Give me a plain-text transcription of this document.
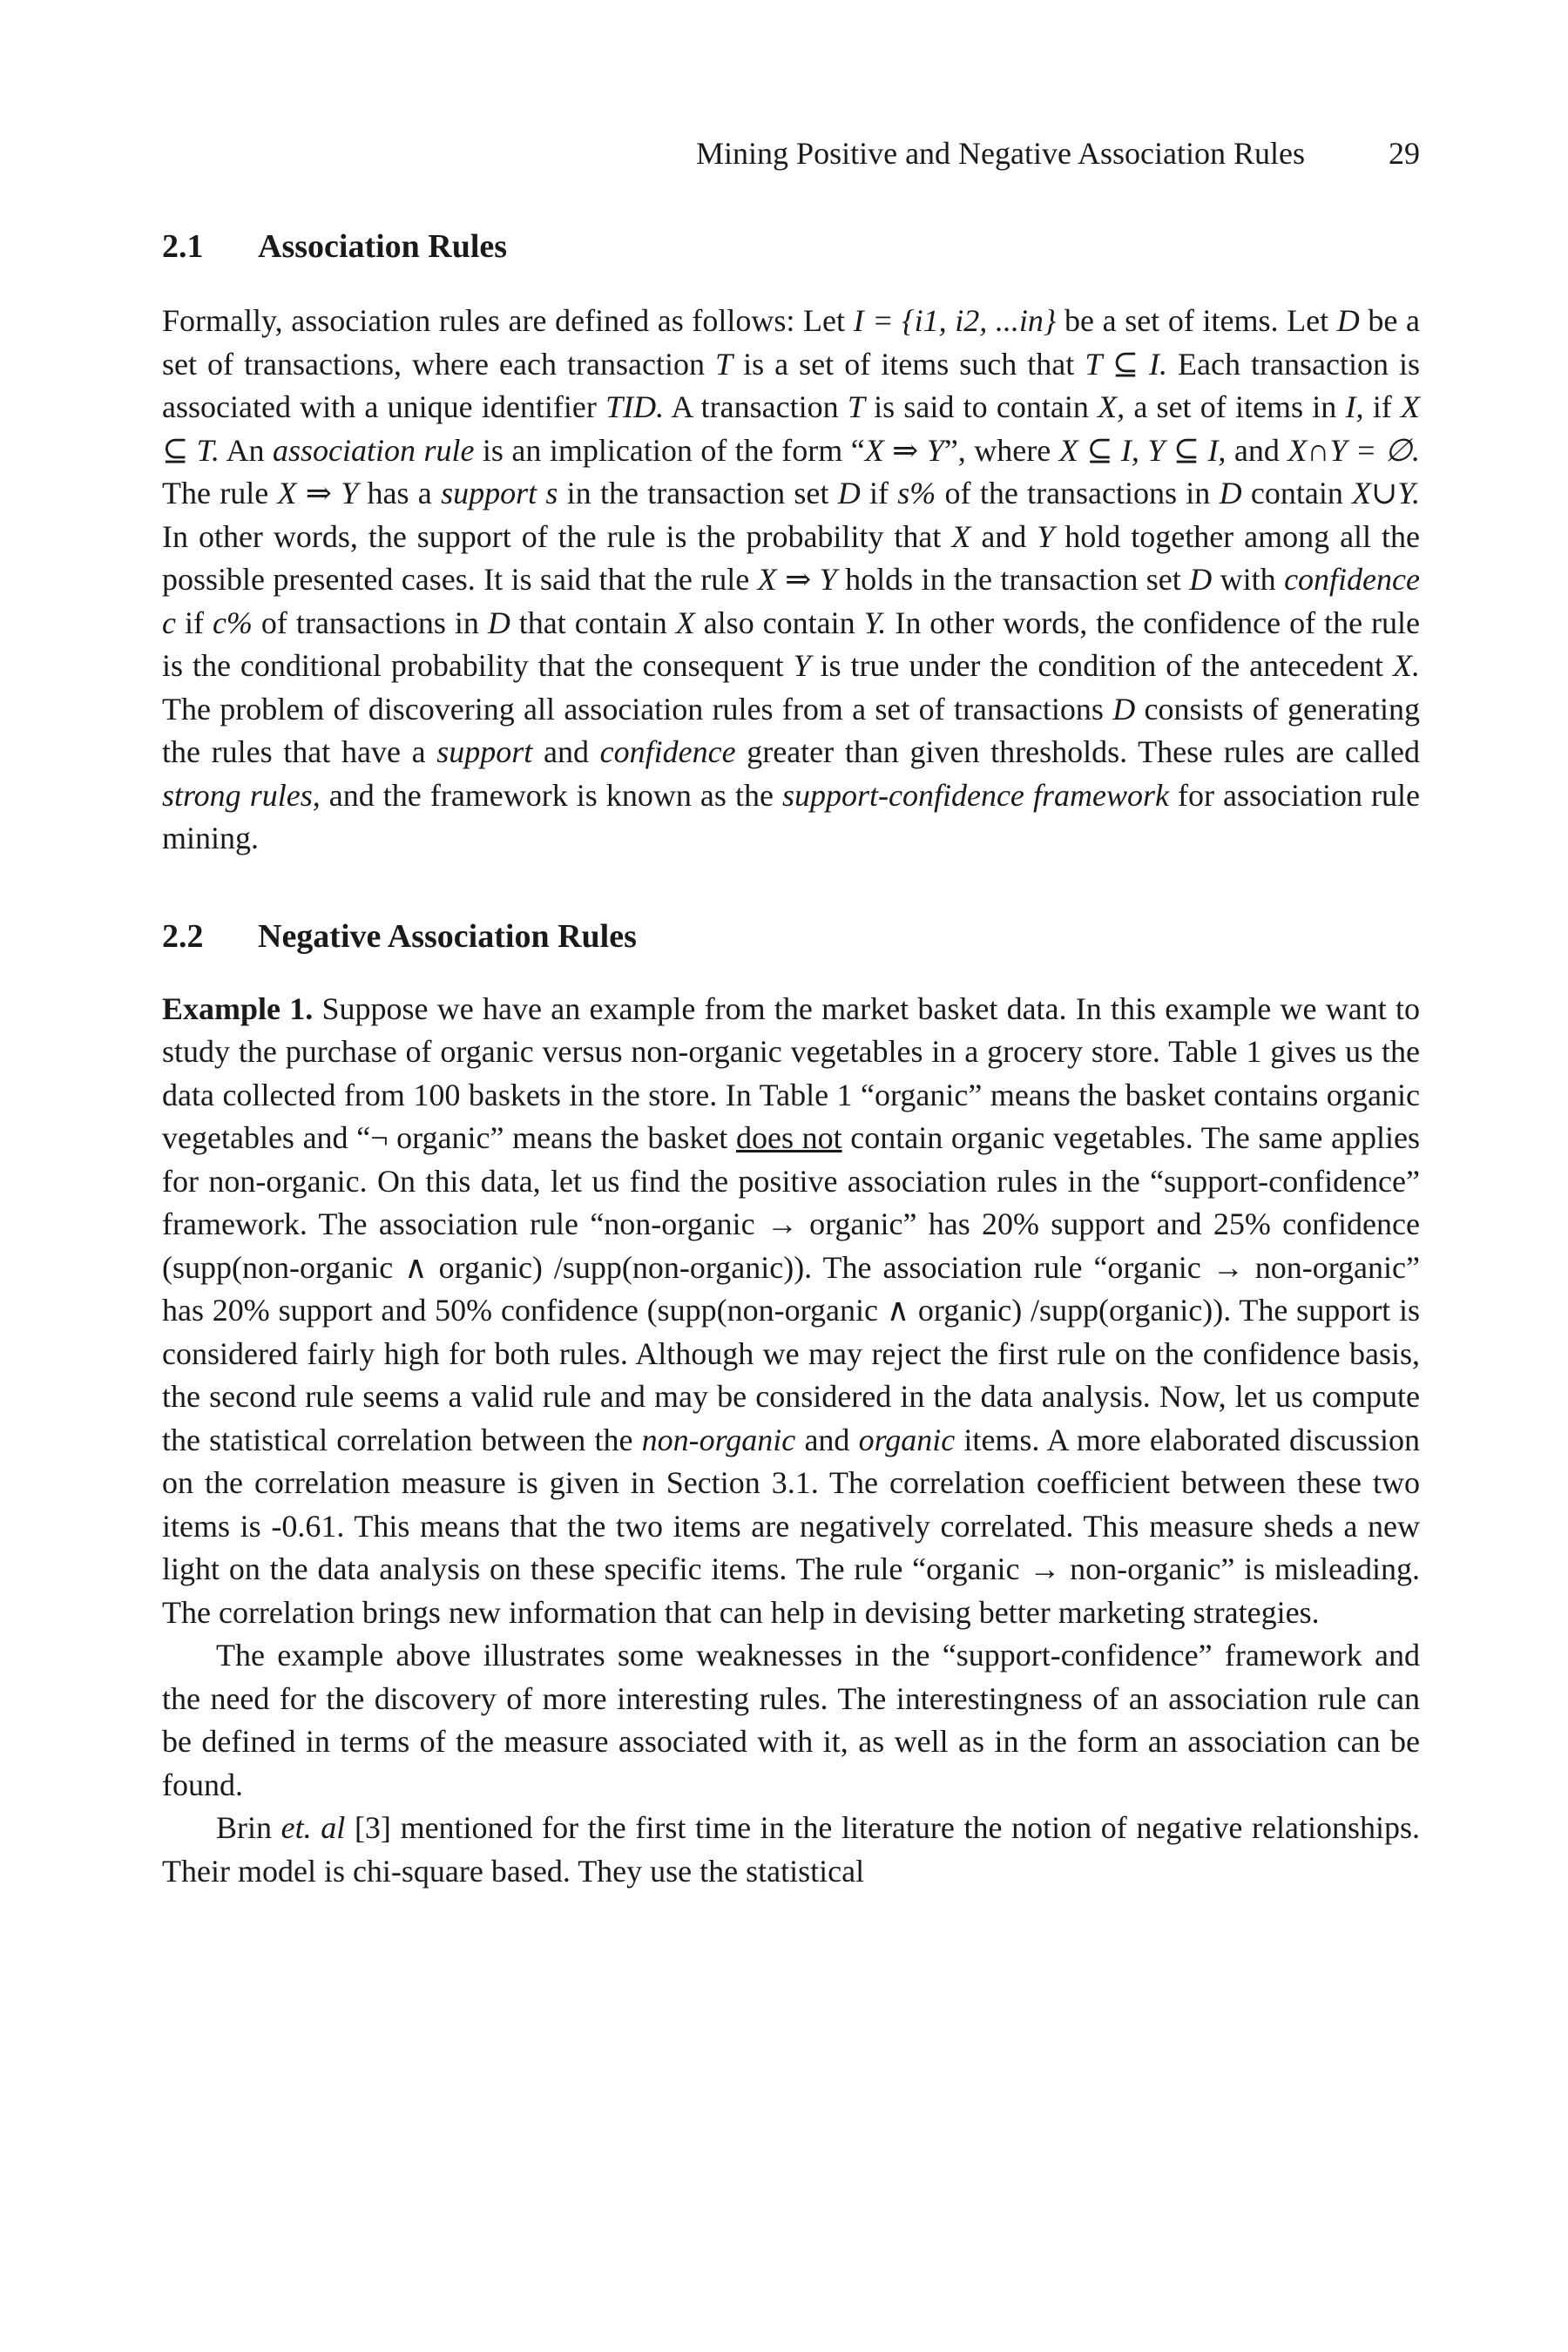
Mining Positive and Negative Association Rules	29
2.1 Association Rules

Formally, association rules are defined as follows: Let I = {i1, i2, ...in} be a set of items. Let D be a set of transactions, where each transaction T is a set of items such that T ⊆ I. Each transaction is associated with a unique identifier TID. A transaction T is said to contain X, a set of items in I, if X ⊆ T. An association rule is an implication of the form “X ⇒ Y”, where X ⊆ I, Y ⊆ I, and X∩Y = ∅. The rule X ⇒ Y has a support s in the transaction set D if s% of the transactions in D contain X∪Y. In other words, the support of the rule is the probability that X and Y hold together among all the possible presented cases. It is said that the rule X ⇒ Y holds in the transaction set D with confidence c if c% of transactions in D that contain X also contain Y. In other words, the confidence of the rule is the conditional probability that the consequent Y is true under the condition of the antecedent X. The problem of discovering all association rules from a set of transactions D consists of generating the rules that have a support and confidence greater than given thresholds. These rules are called strong rules, and the framework is known as the support-confidence framework for association rule mining.

2.2 Negative Association Rules

Example 1. Suppose we have an example from the market basket data. In this example we want to study the purchase of organic versus non-organic vegetables in a grocery store. Table 1 gives us the data collected from 100 baskets in the store. In Table 1 “organic” means the basket contains organic vegetables and “¬ organic” means the basket does not contain organic vegetables. The same applies for non-organic. On this data, let us find the positive association rules in the “support-confidence” framework. The association rule “non-organic → organic” has 20% support and 25% confidence (supp(non-organic ∧ organic) /supp(non-organic)). The association rule “organic → non-organic” has 20% support and 50% confidence (supp(non-organic ∧ organic) /supp(organic)). The support is considered fairly high for both rules. Although we may reject the first rule on the confidence basis, the second rule seems a valid rule and may be considered in the data analysis. Now, let us compute the statistical correlation between the non-organic and organic items. A more elaborated discussion on the correlation measure is given in Section 3.1. The correlation coefficient between these two items is -0.61. This means that the two items are negatively correlated. This measure sheds a new light on the data analysis on these specific items. The rule “organic → non-organic” is misleading. The correlation brings new information that can help in devising better marketing strategies.

The example above illustrates some weaknesses in the “support-confidence” framework and the need for the discovery of more interesting rules. The interestingness of an association rule can be defined in terms of the measure associated with it, as well as in the form an association can be found.

Brin et. al [3] mentioned for the first time in the literature the notion of negative relationships. Their model is chi-square based. They use the statistical
